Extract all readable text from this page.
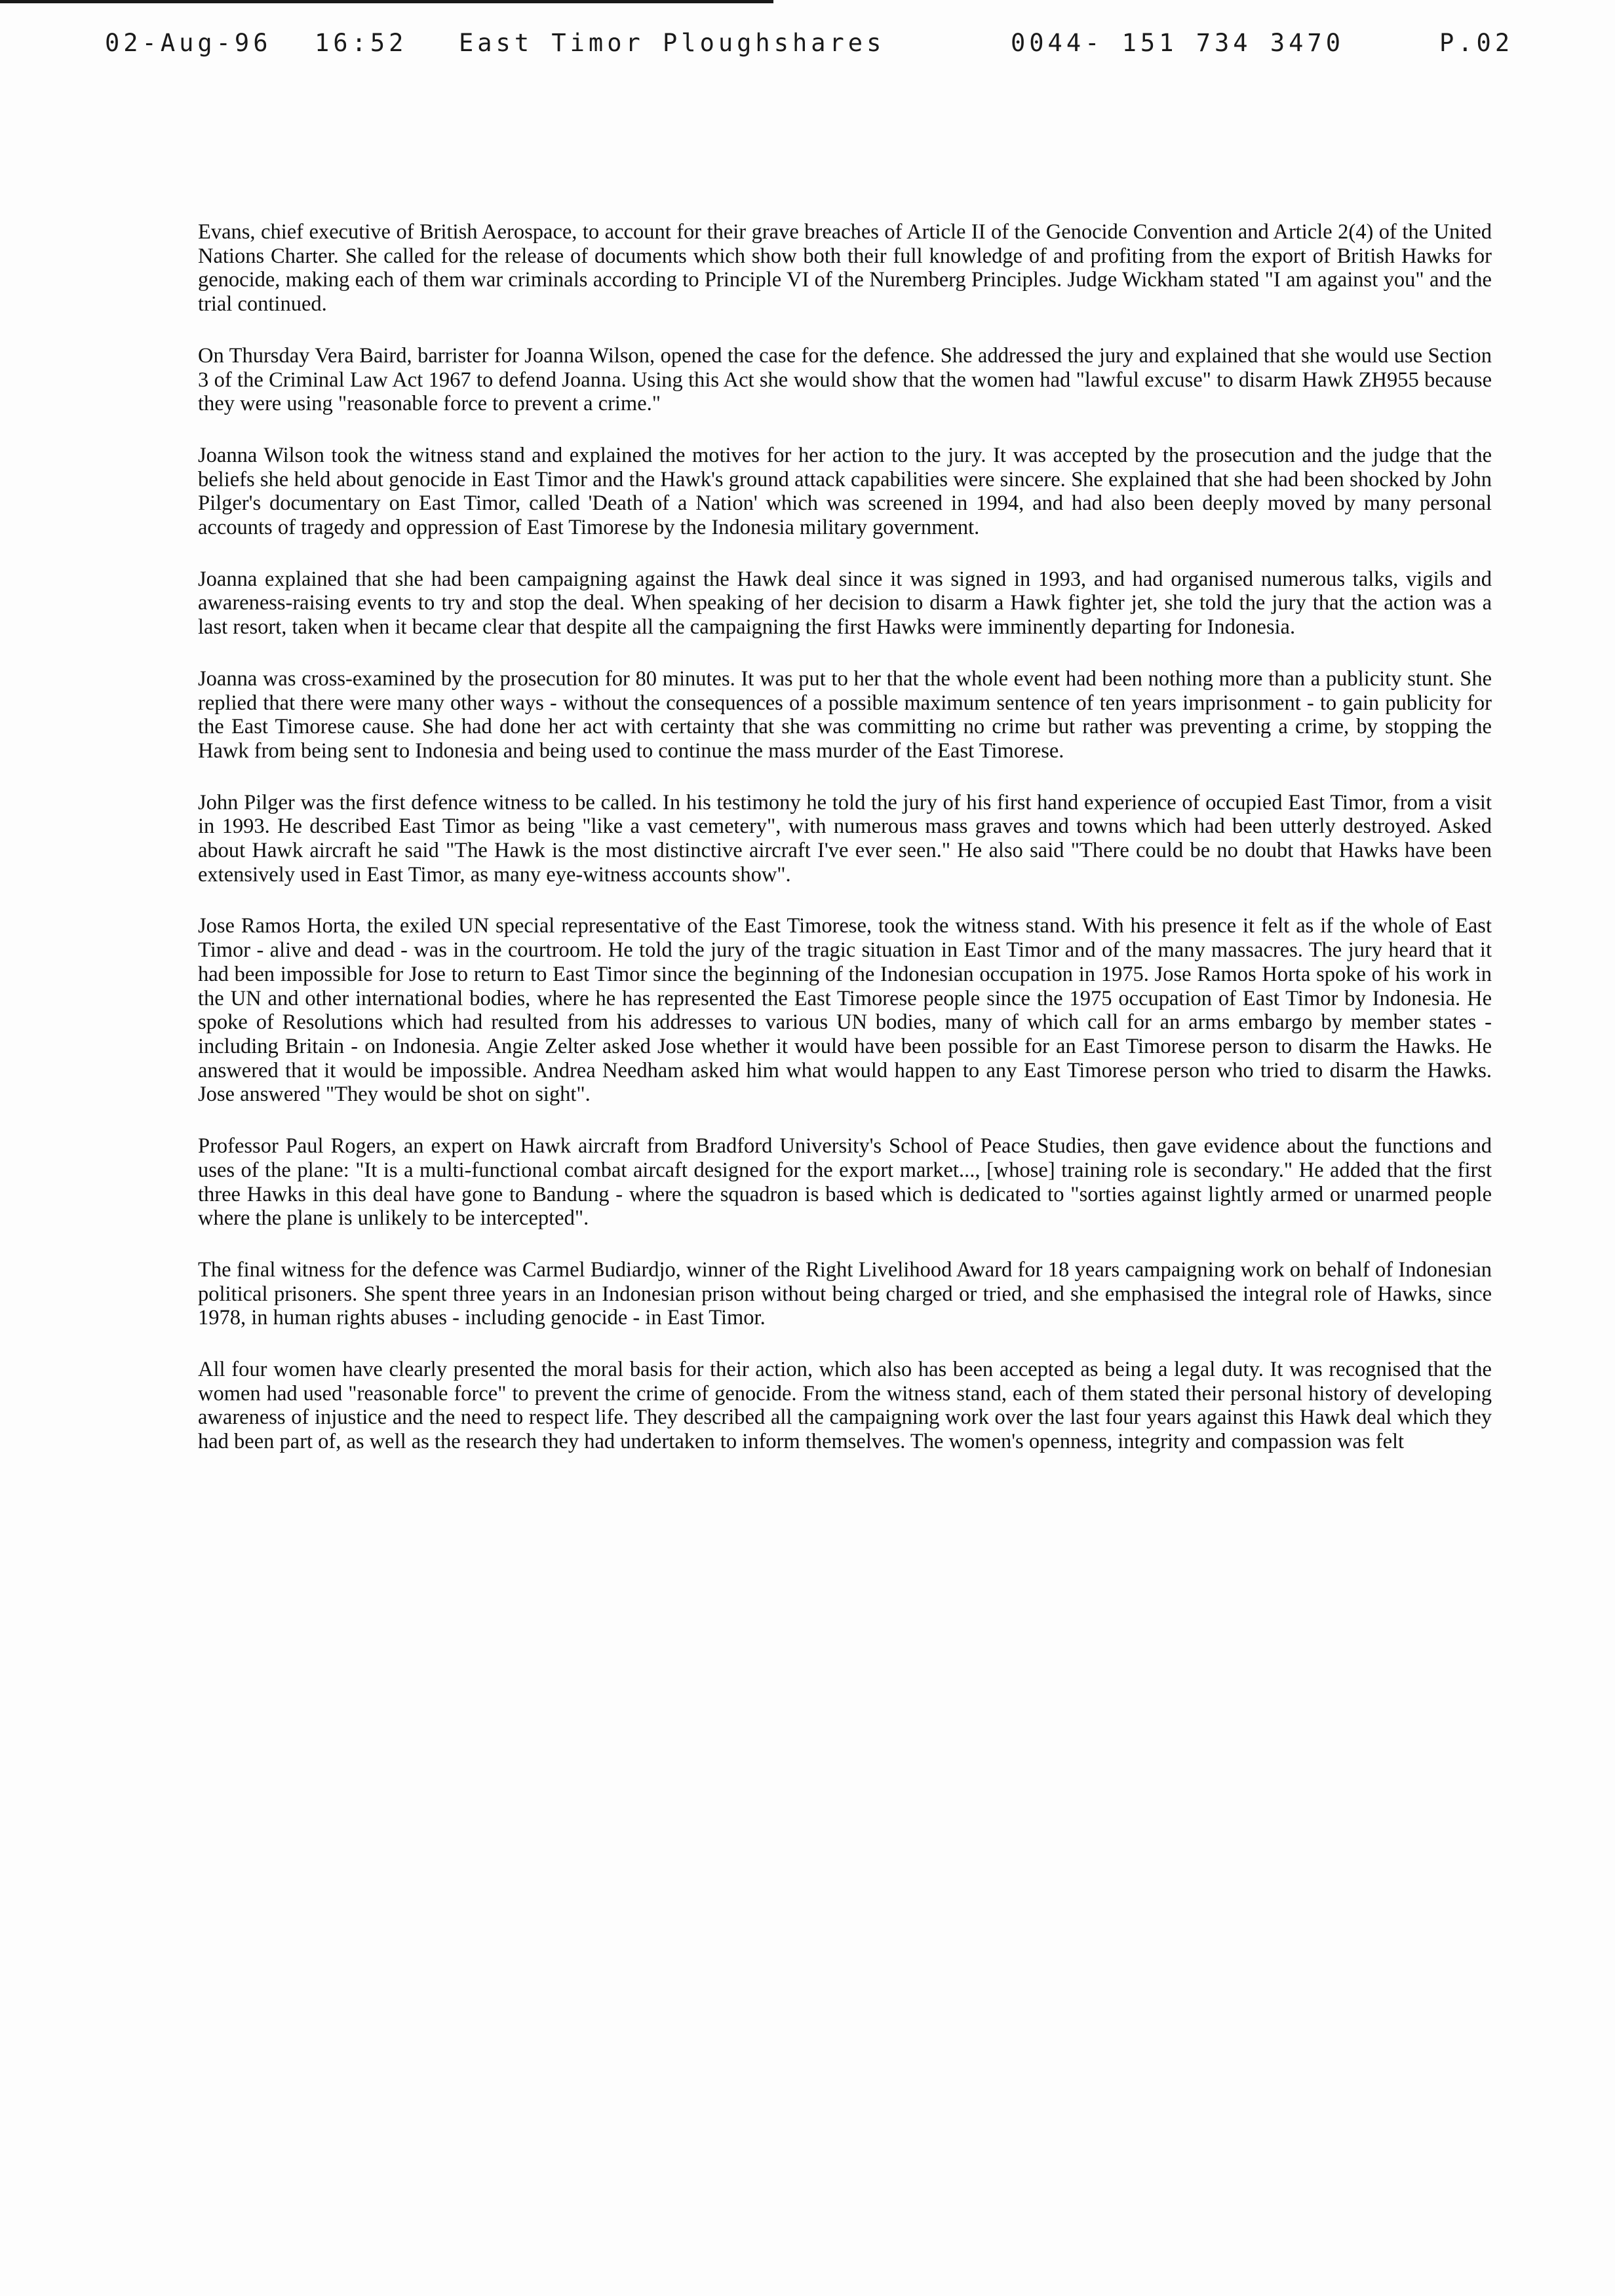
02-Aug-96 16:52 East Timor Ploughshares	0044- 151 734 3470	P.02

Evans, chief executive of British Aerospace, to account for their grave breaches of Article II of the Genocide Convention and Article 2(4) of the United Nations Charter. She called for the release of documents which show both their full knowledge of and profiting from the export of British Hawks for genocide, making each of them war criminals according to Principle VI of the Nuremberg Principles. Judge Wickham stated "I am against you" and the trial continued.

On Thursday Vera Baird, barrister for Joanna Wilson, opened the case for the defence. She addressed the jury and explained that she would use Section 3 of the Criminal Law Act 1967 to defend Joanna. Using this Act she would show that the women had "lawful excuse" to disarm Hawk ZH955 because they were using "reasonable force to prevent a crime."

Joanna Wilson took the witness stand and explained the motives for her action to the jury. It was accepted by the prosecution and the judge that the beliefs she held about genocide in East Timor and the Hawk's ground attack capabilities were sincere. She explained that she had been shocked by John Pilger's documentary on East Timor, called 'Death of a Nation' which was screened in 1994, and had also been deeply moved by many personal accounts of tragedy and oppression of East Timorese by the Indonesia military government.

Joanna explained that she had been campaigning against the Hawk deal since it was signed in 1993, and had organised numerous talks, vigils and awareness-raising events to try and stop the deal. When speaking of her decision to disarm a Hawk fighter jet, she told the jury that the action was a last resort, taken when it became clear that despite all the campaigning the first Hawks were imminently departing for Indonesia.

Joanna was cross-examined by the prosecution for 80 minutes. It was put to her that the whole event had been nothing more than a publicity stunt. She replied that there were many other ways - without the consequences of a possible maximum sentence of ten years imprisonment - to gain publicity for the East Timorese cause. She had done her act with certainty that she was committing no crime but rather was preventing a crime, by stopping the Hawk from being sent to Indonesia and being used to continue the mass murder of the East Timorese.

John Pilger was the first defence witness to be called. In his testimony he told the jury of his first hand experience of occupied East Timor, from a visit in 1993. He described East Timor as being "like a vast cemetery", with numerous mass graves and towns which had been utterly destroyed. Asked about Hawk aircraft he said "The Hawk is the most distinctive aircraft I've ever seen." He also said "There could be no doubt that Hawks have been extensively used in East Timor, as many eye-witness accounts show".

Jose Ramos Horta, the exiled UN special representative of the East Timorese, took the witness stand. With his presence it felt as if the whole of East Timor - alive and dead - was in the courtroom. He told the jury of the tragic situation in East Timor and of the many massacres. The jury heard that it had been impossible for Jose to return to East Timor since the beginning of the Indonesian occupation in 1975. Jose Ramos Horta spoke of his work in the UN and other international bodies, where he has represented the East Timorese people since the 1975 occupation of East Timor by Indonesia. He spoke of Resolutions which had resulted from his addresses to various UN bodies, many of which call for an arms embargo by member states - including Britain - on Indonesia. Angie Zelter asked Jose whether it would have been possible for an East Timorese person to disarm the Hawks. He answered that it would be impossible. Andrea Needham asked him what would happen to any East Timorese person who tried to disarm the Hawks. Jose answered "They would be shot on sight".

Professor Paul Rogers, an expert on Hawk aircraft from Bradford University's School of Peace Studies, then gave evidence about the functions and uses of the plane: "It is a multi-functional combat aircaft designed for the export market..., [whose] training role is secondary." He added that the first three Hawks in this deal have gone to Bandung - where the squadron is based which is dedicated to "sorties against lightly armed or unarmed people where the plane is unlikely to be intercepted".

The final witness for the defence was Carmel Budiardjo, winner of the Right Livelihood Award for 18 years campaigning work on behalf of Indonesian political prisoners. She spent three years in an Indonesian prison without being charged or tried, and she emphasised the integral role of Hawks, since 1978, in human rights abuses - including genocide - in East Timor.

All four women have clearly presented the moral basis for their action, which also has been accepted as being a legal duty. It was recognised that the women had used "reasonable force" to prevent the crime of genocide. From the witness stand, each of them stated their personal history of developing awareness of injustice and the need to respect life. They described all the campaigning work over the last four years against this Hawk deal which they had been part of, as well as the research they had undertaken to inform themselves. The women's openness, integrity and compassion was felt
